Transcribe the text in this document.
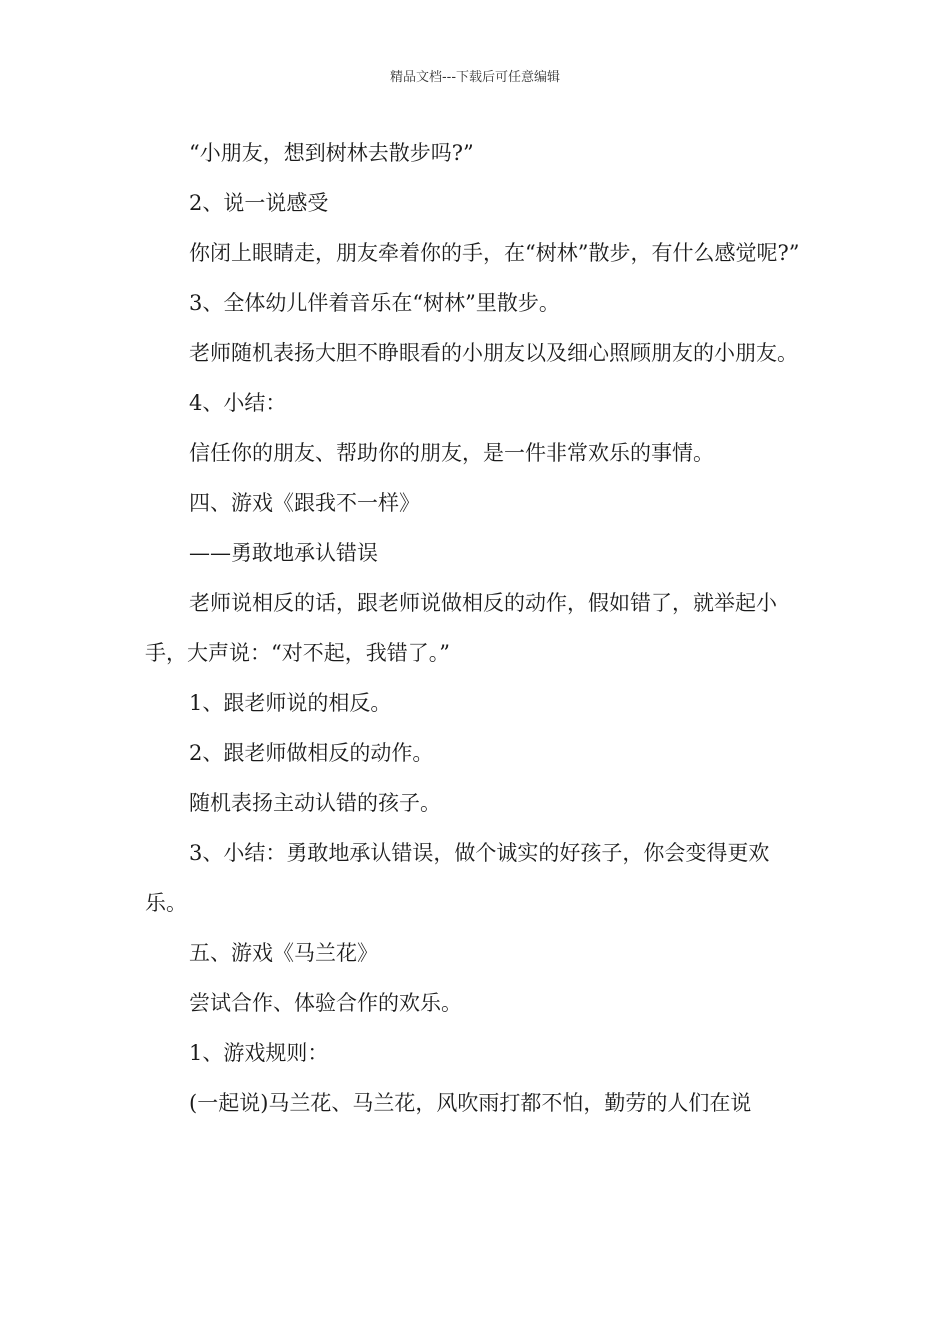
精品文档---下载后可任意编辑

“小朋友，想到树林去散步吗?”

2、说一说感受

你闭上眼睛走，朋友牵着你的手，在“树林”散步，有什么感觉呢?”

3、全体幼儿伴着音乐在“树林”里散步。

老师随机表扬大胆不睁眼看的小朋友以及细心照顾朋友的小朋友。

4、小结：

信任你的朋友、帮助你的朋友，是一件非常欢乐的事情。

四、游戏《跟我不一样》

——勇敢地承认错误

老师说相反的话，跟老师说做相反的动作，假如错了，就举起小手，大声说：“对不起，我错了。”

1、跟老师说的相反。

2、跟老师做相反的动作。

随机表扬主动认错的孩子。

3、小结：勇敢地承认错误，做个诚实的好孩子，你会变得更欢乐。

五、游戏《马兰花》

尝试合作、体验合作的欢乐。

1、游戏规则：

(一起说)马兰花、马兰花，风吹雨打都不怕，勤劳的人们在说
